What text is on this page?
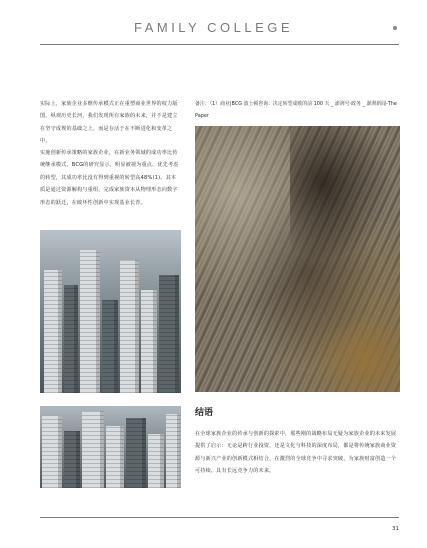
FAMILY COLLEGE

实际上，家族企业多维传承模式正在重塑商业世界的权力版图。纵观历史长河，我们发现所有家族的未来，并不是建立在坚守成规的基础之上，而是存活于在不断进化和变革之中。

实施创新传承策略的家族企业，在新业务领域的成功率比传统继承模式。BCG的研究显示，明显被视为重点、优先考虑的转型，其成功率比没有得到重视的转型高48%(1)。其本质是通过资源解构与重组，完成家族资本从物理形态向数字形态的跃迁，在破坏性创新中实现基业长青。

备注：（1）商业|BCG 波士顿咨询：决定转型成败的前 100 天 _ 澎湃号·政务 _ 澎湃新闻-The Paper

结语

在全球家族企业的传承与创新的探索中，那些刚的战略布局无疑为家族企业的未来发展提供了启示：无论是跨行业投资，还是文化与科技的深度布局，都是将传统家族商业资源与新兴产业的创新模式相结合，在激烈的全球竞争中寻求突破，为家族财富创造一个可持续、具有长远竞争力的未来。

31
